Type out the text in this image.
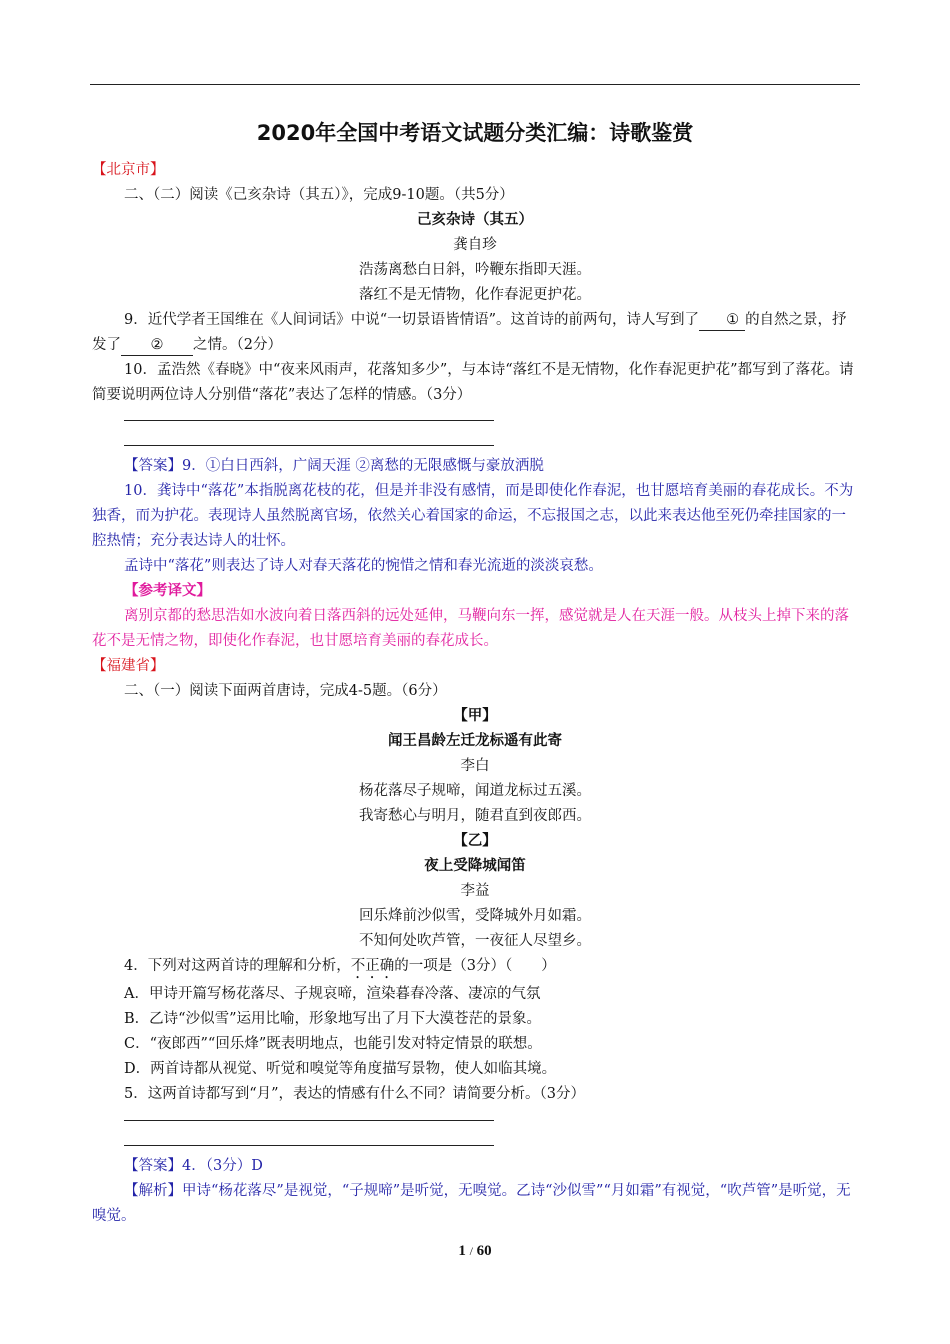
2020年全国中考语文试题分类汇编：诗歌鉴赏
【北京市】
二、（二）阅读《己亥杂诗（其五）》，完成9-10题。（共5分）
己亥杂诗（其五）
龚自珍
浩荡离愁白日斜，吟鞭东指即天涯。
落红不是无情物，化作春泥更护花。
9．近代学者王国维在《人间词话》中说“一切景语皆情语”。这首诗的前两句，诗人写到了 ① 的自然之景，抒发了 ② 之情。（2分）
10．孟浩然《春晓》中“夜来风雨声，花落知多少”，与本诗“落红不是无情物，化作春泥更护花”都写到了落花。请简要说明两位诗人分别借“落花”表达了怎样的情感。（3分）
【答案】9．①白日西斜，广阔天涯 ②离愁的无限感慨与豪放洒脱
10．龚诗中“落花”本指脱离花枝的花，但是并非没有感情，而是即使化作春泥，也甘愿培育美丽的春花成长。不为独香，而为护花。表现诗人虽然脱离官场，依然关心着国家的命运，不忘报国之志，以此来表达他至死仍牵挂国家的一腔热情；充分表达诗人的壮怀。
孟诗中“落花”则表达了诗人对春天落花的惋惜之情和春光流逝的淡淡哀愁。
【参考译文】
离别京都的愁思浩如水波向着日落西斜的远处延伸，马鞭向东一挥，感觉就是人在天涯一般。从枝头上掉下来的落花不是无情之物，即使化作春泥，也甘愿培育美丽的春花成长。
【福建省】
二、（一）阅读下面两首唐诗，完成4-5题。（6分）
【甲】
闻王昌龄左迁龙标遥有此寄
李白
杨花落尽子规啼，闻道龙标过五溪。
我寄愁心与明月，随君直到夜郎西。
【乙】
夜上受降城闻笛
李益
回乐烽前沙似雪，受降城外月如霜。
不知何处吹芦管，一夜征人尽望乡。
4．下列对这两首诗的理解和分析，不正确的一项是（3分）（　　）
A．甲诗开篇写杨花落尽、子规哀啼，渲染暮春冷落、凄凉的气氛
B．乙诗“沙似雪”运用比喻，形象地写出了月下大漠苍茫的景象。
C．“夜郎西”“回乐烽”既表明地点，也能引发对特定情景的联想。
D．两首诗都从视觉、听觉和嗅觉等角度描写景物，使人如临其境。
5．这两首诗都写到“月”，表达的情感有什么不同？请简要分析。（3分）
【答案】4．（3分）D
【解析】甲诗“杨花落尽”是视觉，“子规啼”是听觉，无嗅觉。乙诗“沙似雪”“月如霜”有视觉，“吹芦管”是听觉，无嗅觉。
1 / 60
